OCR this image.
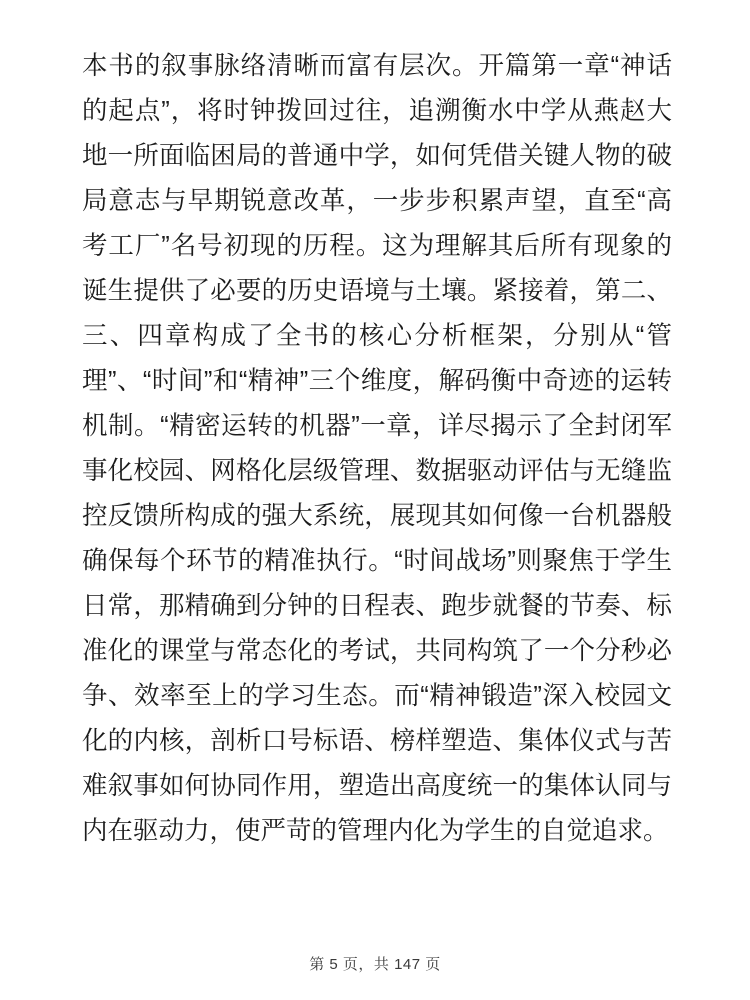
本书的叙事脉络清晰而富有层次。开篇第一章“神话的起点”，将时钟拨回过往，追溯衡水中学从燕赵大地一所面临困局的普通中学，如何凭借关键人物的破局意志与早期锐意改革，一步步积累声望，直至“高考工厂”名号初现的历程。这为理解其后所有现象的诞生提供了必要的历史语境与土壤。紧接着，第二、三、四章构成了全书的核心分析框架，分别从“管理”、“时间”和“精神”三个维度，解码衡中奇迹的运转机制。“精密运转的机器”一章，详尽揭示了全封闭军事化校园、网格化层级管理、数据驱动评估与无缝监控反馈所构成的强大系统，展现其如何像一台机器般确保每个环节的精准执行。“时间战场”则聚焦于学生日常，那精确到分钟的日程表、跑步就餐的节奏、标准化的课堂与常态化的考试，共同构筑了一个分秒必争、效率至上的学习生态。而“精神锻造”深入校园文化的内核，剖析口号标语、榜样塑造、集体仪式与苦难叙事如何协同作用，塑造出高度统一的集体认同与内在驱动力，使严苛的管理内化为学生的自觉追求。

第 5 页，共 147 页
